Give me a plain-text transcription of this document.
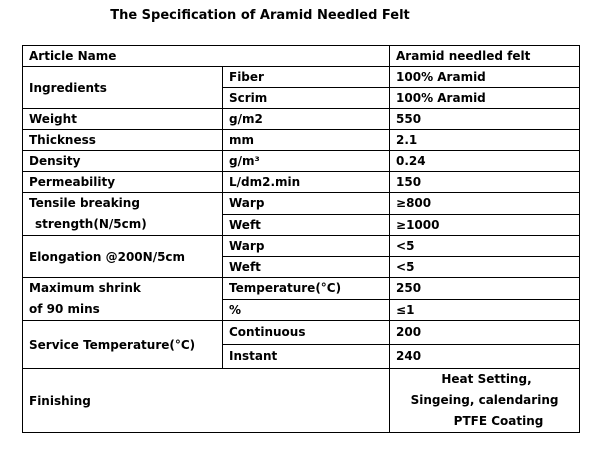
The Specification of Aramid Needled Felt
Article Name		Aramid needled felt
Ingredients	Fiber	100% Aramid
	Scrim	100% Aramid
Weight	g/m2	550
Thickness	mm	2.1
Density	g/m³	0.24
Permeability	L/dm2.min	150

Tensile breaking
strength(N/5cm)	Warp	≥800
	Weft	≥1000
Elongation @200N/5cm	Warp	<5
	Weft	<5

Maximum shrink
of 90 mins	Temperature(°C)	250
	%	≤1
Service Temperature(°C)	Continuous	200
	Instant	240
Finishing		Heat Setting,
Singeing, calendaring
PTFE Coating
